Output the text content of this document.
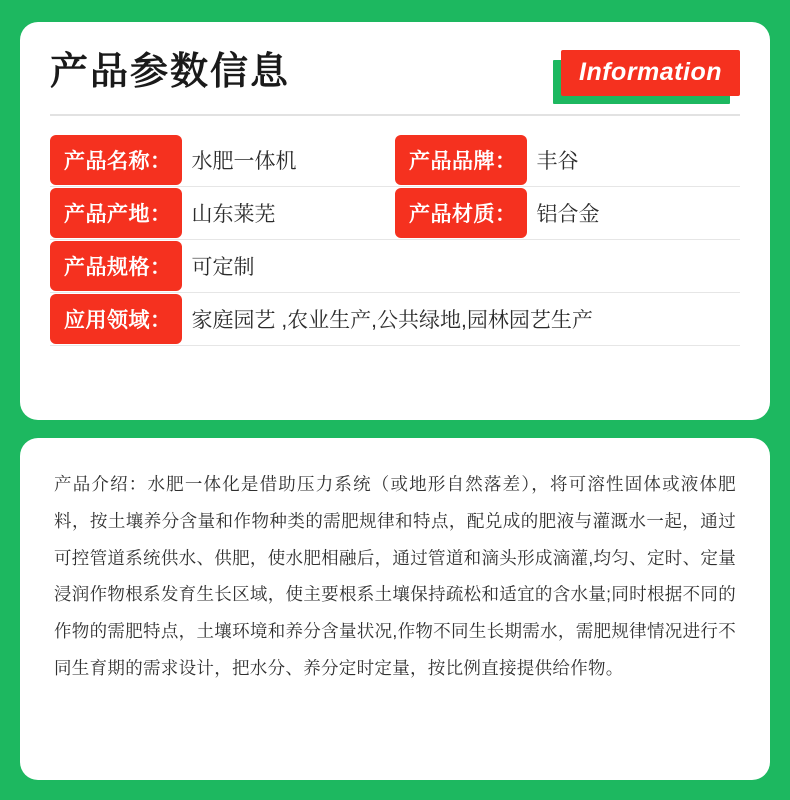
产品参数信息	Information
产品名称： 水肥一体机	产品品牌： 丰谷
产品产地： 山东莱芜	产品材质： 铝合金
产品规格： 可定制
应用领域： 家庭园艺 ,农业生产,公共绿地,园林园艺生产
产品介绍：水肥一体化是借助压力系统（或地形自然落差），将可溶性固体或液体肥料，按土壤养分含量和作物种类的需肥规律和特点，配兑成的肥液与灌溉水一起，通过可控管道系统供水、供肥，使水肥相融后，通过管道和滴头形成滴灌,均匀、定时、定量浸润作物根系发育生长区域，使主要根系土壤保持疏松和适宜的含水量;同时根据不同的作物的需肥特点，土壤环境和养分含量状况,作物不同生长期需水，需肥规律情况进行不同生育期的需求设计，把水分、养分定时定量，按比例直接提供给作物。
